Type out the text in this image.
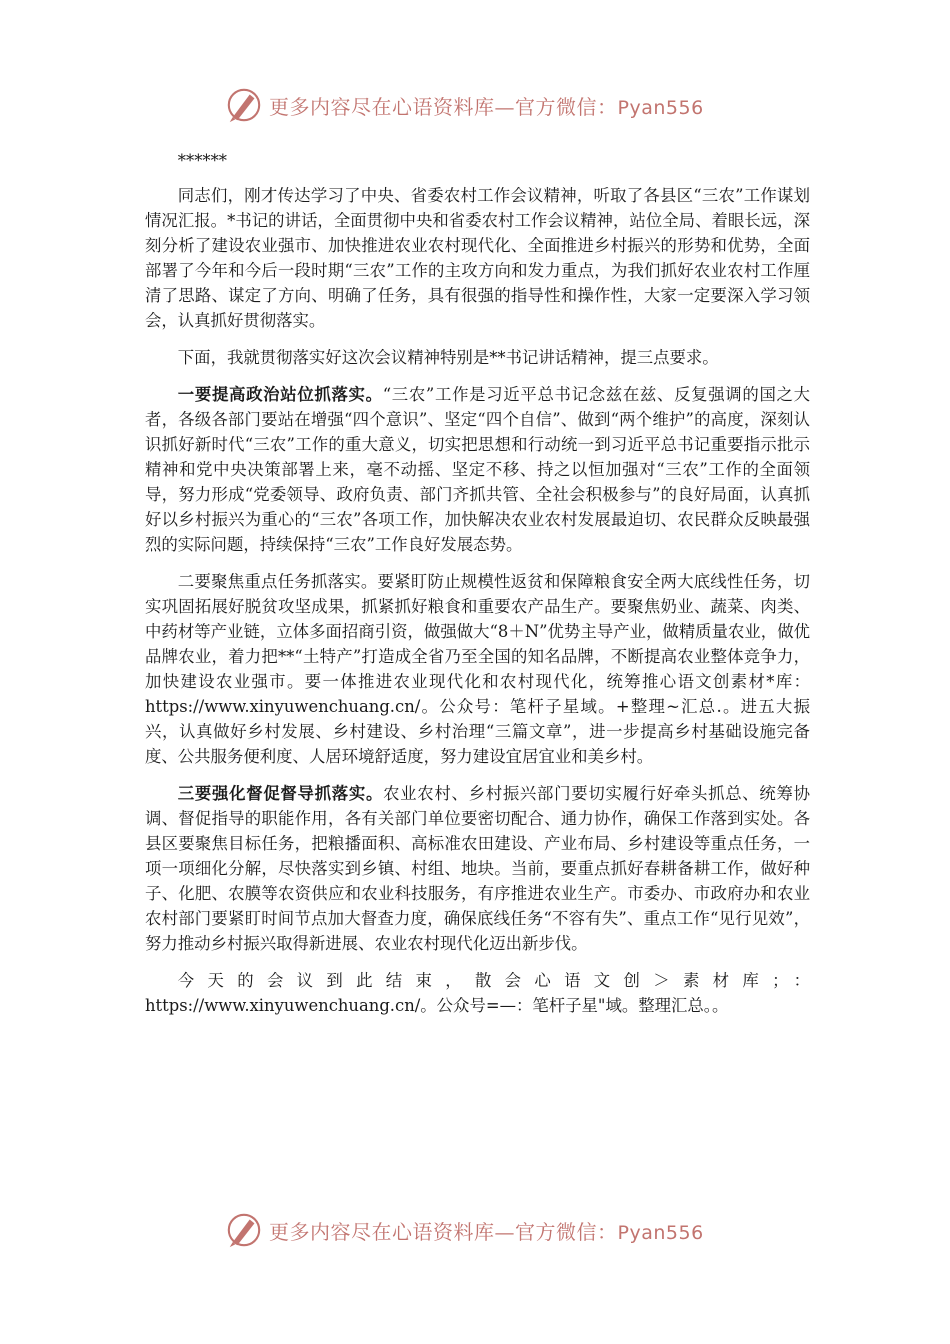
更多内容尽在心语资料库—官方微信：Pyan556

******

同志们，刚才传达学习了中央、省委农村工作会议精神，听取了各县区“三农”工作谋划情况汇报。*书记的讲话，全面贯彻中央和省委农村工作会议精神，站位全局、着眼长远，深刻分析了建设农业强市、加快推进农业农村现代化、全面推进乡村振兴的形势和优势，全面部署了今年和今后一段时期“三农”工作的主攻方向和发力重点，为我们抓好农业农村工作厘清了思路、谋定了方向、明确了任务，具有很强的指导性和操作性，大家一定要深入学习领会，认真抓好贯彻落实。

下面，我就贯彻落实好这次会议精神特别是**书记讲话精神，提三点要求。

一要提高政治站位抓落实。“三农”工作是习近平总书记念兹在兹、反复强调的国之大者，各级各部门要站在增强“四个意识”、坚定“四个自信”、做到“两个维护”的高度，深刻认识抓好新时代“三农”工作的重大意义，切实把思想和行动统一到习近平总书记重要指示批示精神和党中央决策部署上来，毫不动摇、坚定不移、持之以恒加强对“三农”工作的全面领导，努力形成“党委领导、政府负责、部门齐抓共管、全社会积极参与”的良好局面，认真抓好以乡村振兴为重心的“三农”各项工作，加快解决农业农村发展最迫切、农民群众反映最强烈的实际问题，持续保持“三农”工作良好发展态势。

二要聚焦重点任务抓落实。要紧盯防止规模性返贫和保障粮食安全两大底线性任务，切实巩固拓展好脱贫攻坚成果，抓紧抓好粮食和重要农产品生产。要聚焦奶业、蔬菜、肉类、中药材等产业链，立体多面招商引资，做强做大“8＋N”优势主导产业，做精质量农业，做优品牌农业，着力把**“土特产”打造成全省乃至全国的知名品牌，不断提高农业整体竞争力，加快建设农业强市。要一体推进农业现代化和农村现代化，统筹推心语文创素材*库：https://www.xinyuwenchuang.cn/。公众号：笔杆子星域。+整理~汇总.。进五大振兴，认真做好乡村发展、乡村建设、乡村治理“三篇文章”，进一步提高乡村基础设施完备度、公共服务便利度、人居环境舒适度，努力建设宜居宜业和美乡村。

三要强化督促督导抓落实。农业农村、乡村振兴部门要切实履行好牵头抓总、统筹协调、督促指导的职能作用，各有关部门单位要密切配合、通力协作，确保工作落到实处。各县区要聚焦目标任务，把粮播面积、高标准农田建设、产业布局、乡村建设等重点任务，一项一项细化分解，尽快落实到乡镇、村组、地块。当前，要重点抓好春耕备耕工作，做好种子、化肥、农膜等农资供应和农业科技服务，有序推进农业生产。市委办、市政府办和农业农村部门要紧盯时间节点加大督查力度，确保底线任务“不容有失”、重点工作“见行见效”，努力推动乡村振兴取得新进展、农业农村现代化迈出新步伐。

今天的会议到此结束，散会心语文创＞素材库；：https://www.xinyuwenchuang.cn/。公众号=—：笔杆子星"域。整理汇总。。

更多内容尽在心语资料库—官方微信：Pyan556
